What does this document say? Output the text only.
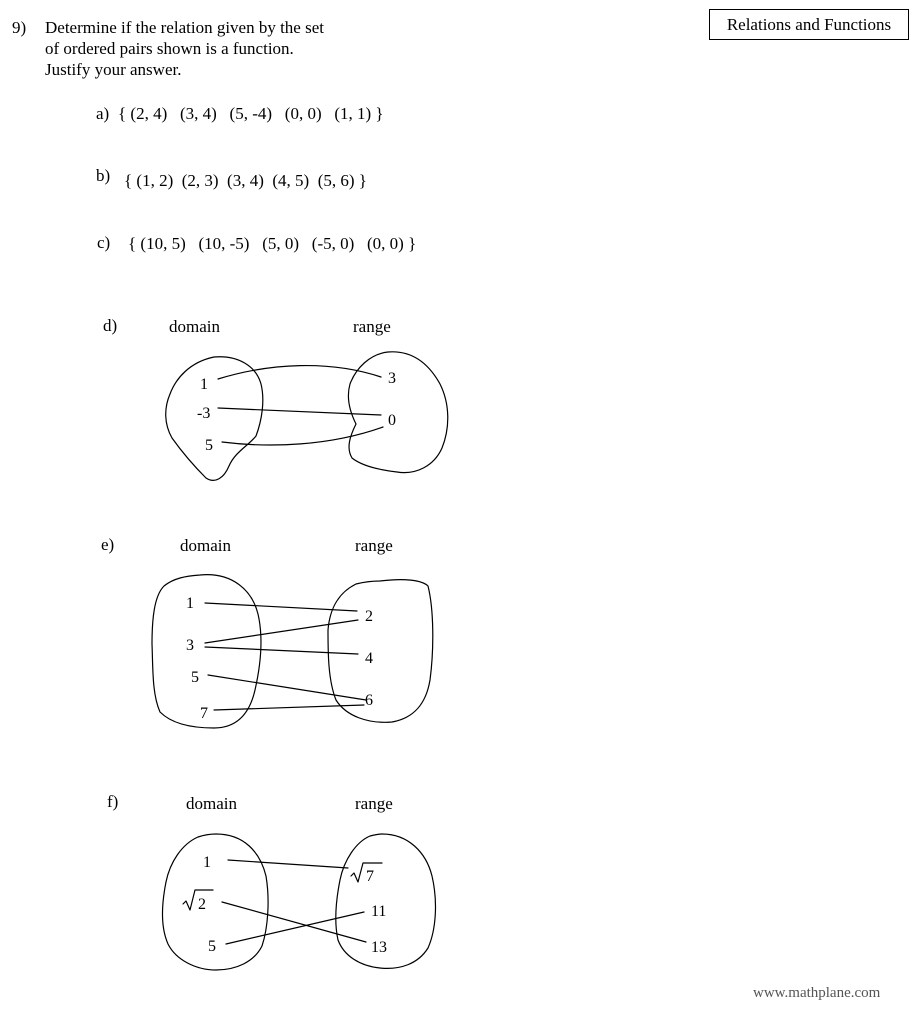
Relations and Functions
9) Determine if the relation given by the set
of ordered pairs shown is a function.
Justify your answer.
a) { (2, 4)   (3, 4)   (5, -4)   (0, 0)   (1, 1) }
b) { (1, 2)  (2, 3)  (3, 4)  (4, 5)  (5, 6) }
c) { (10, 5)   (10, -5)   (5, 0)   (-5, 0)   (0, 0) }
d)	domain	range
e)	domain	range
f)	domain	range
1
-3
5
3
0
1
3
5
7
2
4
6
1
2
5
7
11
13
www.mathplane.com
